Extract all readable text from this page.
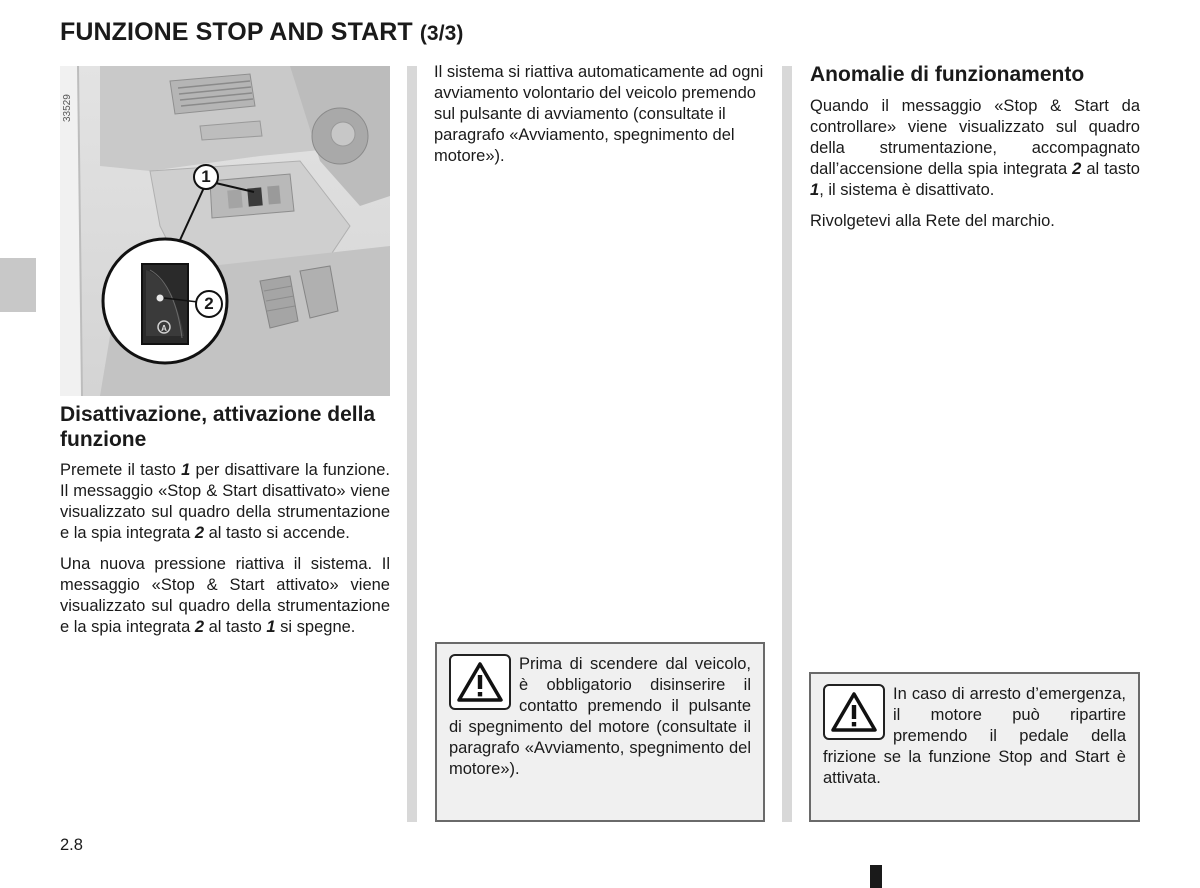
FUNZIONE STOP AND START (3/3)
A
1
2
33529
Disattivazione, attivazione della funzione

Premete il tasto 1 per disattivare la funzione. Il messaggio «Stop & Start disattivato» viene visualizzato sul quadro della strumentazione e la spia integrata 2 al tasto si accende.

Una nuova pressione riattiva il sistema. Il messaggio «Stop & Start attivato» viene visualizzato sul quadro della strumentazione e la spia integrata 2 al tasto 1 si spegne.

Il sistema si riattiva automaticamente ad ogni avviamento volontario del veicolo premendo sul pulsante di avviamento (consultate il paragrafo «Avviamento, spegnimento del motore»).

Prima di scendere dal veicolo, è obbligatorio disinserire il contatto premendo il pulsante di spegnimento del motore (consultate il paragrafo «Avviamento, spegnimento del motore»).
Anomalie di funzionamento

Quando il messaggio «Stop & Start da controllare» viene visualizzato sul quadro della strumentazione, accompagnato dall’accensione della spia integrata 2 al tasto 1, il sistema è disattivato.

Rivolgetevi alla Rete del marchio.

In caso di arresto d’emergenza, il motore può ripartire premendo il pedale della frizione se la funzione Stop and Start è attivata.
2.8
